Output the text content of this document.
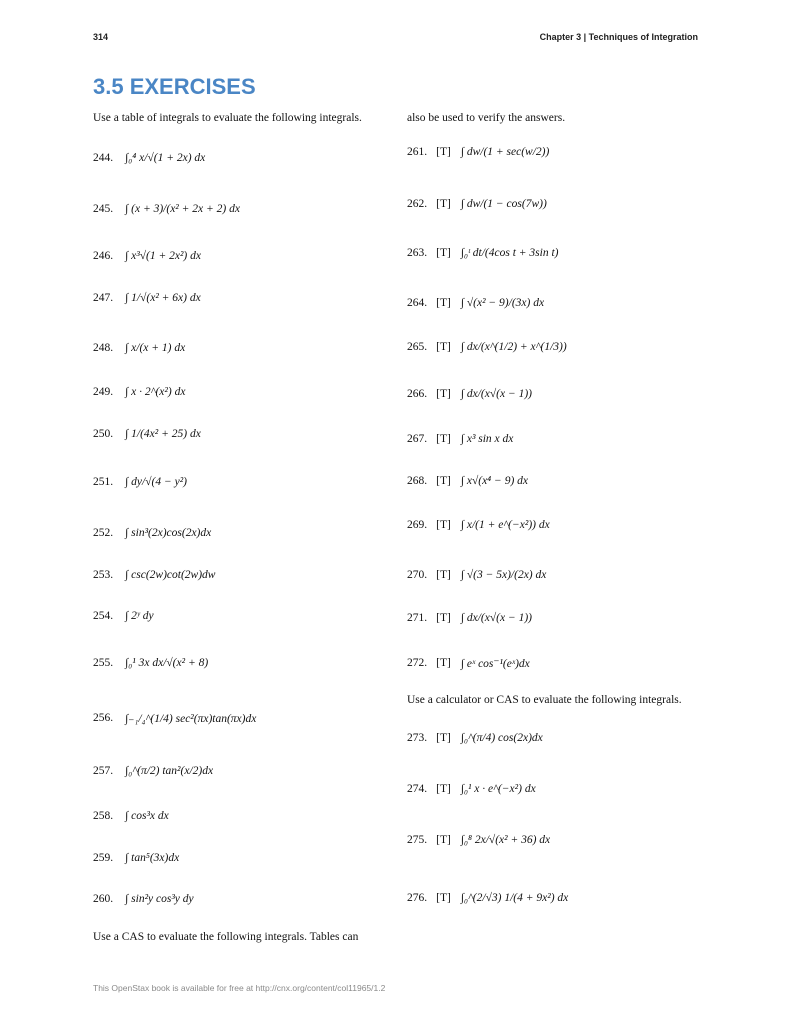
314	Chapter 3 | Techniques of Integration
3.5 EXERCISES
Use a table of integrals to evaluate the following integrals.
244. ∫₀⁴ x/√(1 + 2x) dx
245. ∫ (x + 3)/(x² + 2x + 2) dx
246. ∫ x³√(1 + 2x²) dx
247. ∫ 1/√(x² + 6x) dx
248. ∫ x/(x + 1) dx
249. ∫ x · 2^(x²) dx
250. ∫ 1/(4x² + 25) dx
251. ∫ dy/√(4 − y²)
252. ∫ sin³(2x)cos(2x)dx
253. ∫ csc(2w)cot(2w)dw
254. ∫ 2ʸ dy
255. ∫₀¹ 3x dx/√(x² + 8)
256. ∫₋₁/₄^(1/4) sec²(πx)tan(πx)dx
257. ∫₀^(π/2) tan²(x/2)dx
258. ∫ cos³x dx
259. ∫ tan⁵(3x)dx
260. ∫ sin²y cos³y dy
Use a CAS to evaluate the following integrals. Tables can
also be used to verify the answers.
261. [T] ∫ dw/(1 + sec(w/2))
262. [T] ∫ dw/(1 − cos(7w))
263. [T] ∫₀ᵗ dt/(4cos t + 3sin t)
264. [T] ∫ √(x² − 9)/(3x) dx
265. [T] ∫ dx/(x^(1/2) + x^(1/3))
266. [T] ∫ dx/(x√(x − 1))
267. [T] ∫ x³ sin x dx
268. [T] ∫ x√(x⁴ − 9) dx
269. [T] ∫ x/(1 + e^(−x²)) dx
270. [T] ∫ √(3 − 5x)/(2x) dx
271. [T] ∫ dx/(x√(x − 1))
272. [T] ∫ eˣ cos⁻¹(eˣ)dx
Use a calculator or CAS to evaluate the following integrals.
273. [T] ∫₀^(π/4) cos(2x)dx
274. [T] ∫₀¹ x · e^(−x²) dx
275. [T] ∫₀⁸ 2x/√(x² + 36) dx
276. [T] ∫₀^(2/√3) 1/(4 + 9x²) dx
This OpenStax book is available for free at http://cnx.org/content/col11965/1.2
